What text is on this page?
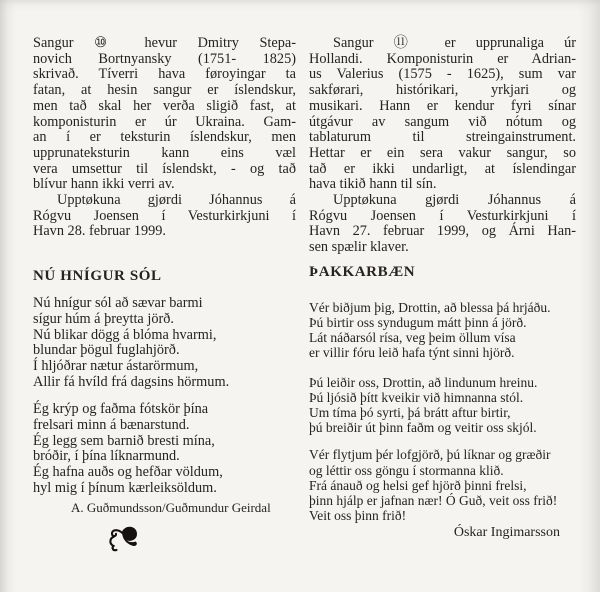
Sangur ⑩ hevur Dmitry Stepa-
novich Bortnyansky (1751- 1825)
skrivað. Tíverri hava føroyingar ta
fatan, at hesin sangur er íslendskur,
men tað skal her verða sligið fast, at
komponisturin er úr Ukraina. Gam-
an í er teksturin íslendskur, men
upprunateksturin kann eins væl
vera umsettur til íslendskt, - og tað
blívur hann ikki verri av.
Upptøkuna gjørdi Jóhannus á
Rógvu Joensen í Vesturkirkjuni í
Havn 28. februar 1999.
NÚ HNÍGUR SÓL
Nú hnígur sól að sævar barmi
sígur húm á þreytta jörð.
Nú blikar dögg á blóma hvarmi,
blundar þögul fuglahjörð.
Í hljóðrar nætur ástarörmum,
Allir fá hvíld frá dagsins hörmum.
Ég krýp og faðma fótskör þína
frelsari minn á bænarstund.
Ég legg sem barnið bresti mína,
bróðir, í þína líknarmund.
Ég hafna auðs og hefðar völdum,
hyl mig í þínum kærleiksöldum.
A. Guðmundsson/Guðmundur Geirdal
Sangur ⑪ er upprunaliga úr
Hollandi. Komponisturin er Adrian-
us Valerius (1575 - 1625), sum var
sakførari, histórikari, yrkjari og
musikari. Hann er kendur fyri sínar
útgávur av sangum við nótum og
tablaturum til streingainstrument.
Hettar er ein sera vakur sangur, so
tað er ikki undarligt, at íslendingar
hava tikið hann til sín.
Upptøkuna gjørdi Jóhannus á
Rógvu Joensen í Vesturkirkjuni í
Havn 27. februar 1999, og Árni Han-
sen spælir klaver.
ÞAKKARBÆN
Vér biðjum þig, Drottin, að blessa þá hrjáðu.
Þú birtir oss syndugum mátt þinn á jörð.
Lát náðarsól rísa, veg þeim öllum vísa
er villir fóru leið hafa týnt sinni hjörð.
Þú leiðir oss, Drottin, að lindunum hreinu.
Þú ljósið þítt kveikir við himnanna stól.
Um tíma þó syrti, þá brátt aftur birtir,
þú breiðir út þinn faðm og veitir oss skjól.
Vér flytjum þér lofgjörð, þú líknar og græðir
og léttir oss göngu í stormanna klið.
Frá ánauð og helsi gef hjörð þinni frelsi,
þinn hjálp er jafnan nær! Ó Guð, veit oss frið!
Veit oss þinn frið!
Óskar Ingimarsson
